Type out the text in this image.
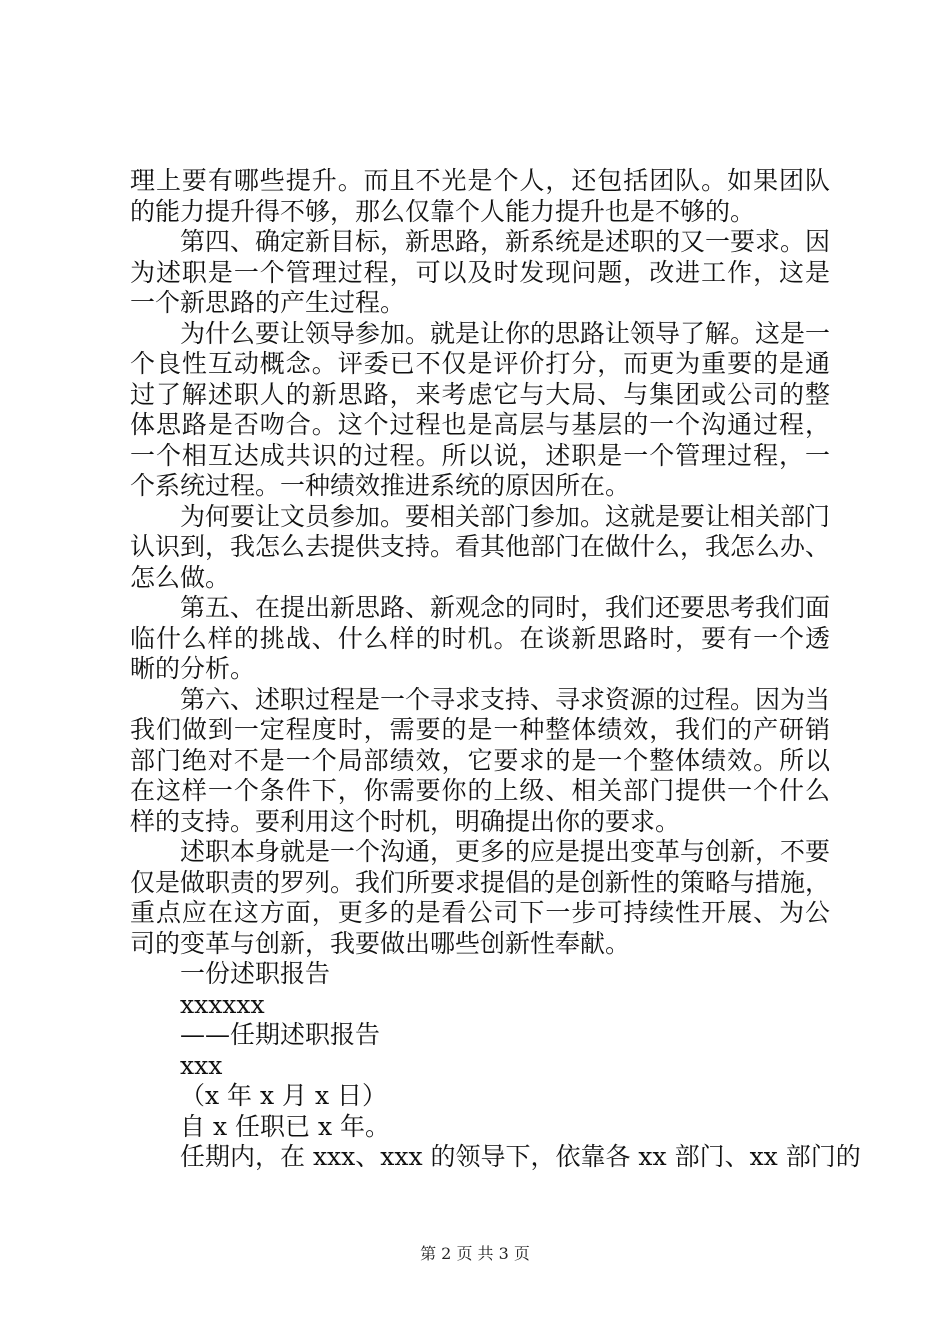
理上要有哪些提升。而且不光是个人，还包括团队。如果团队
的能力提升得不够，那么仅靠个人能力提升也是不够的。
第四、确定新目标，新思路，新系统是述职的又一要求。因
为述职是一个管理过程，可以及时发现问题，改进工作，这是
一个新思路的产生过程。
为什么要让领导参加。就是让你的思路让领导了解。这是一
个良性互动概念。评委已不仅是评价打分，而更为重要的是通
过了解述职人的新思路，来考虑它与大局、与集团或公司的整
体思路是否吻合。这个过程也是高层与基层的一个沟通过程，
一个相互达成共识的过程。所以说，述职是一个管理过程，一
个系统过程。一种绩效推进系统的原因所在。
为何要让文员参加。要相关部门参加。这就是要让相关部门
认识到，我怎么去提供支持。看其他部门在做什么，我怎么办、
怎么做。
第五、在提出新思路、新观念的同时，我们还要思考我们面
临什么样的挑战、什么样的时机。在谈新思路时，要有一个透
晰的分析。
第六、述职过程是一个寻求支持、寻求资源的过程。因为当
我们做到一定程度时，需要的是一种整体绩效，我们的产研销
部门绝对不是一个局部绩效，它要求的是一个整体绩效。所以
在这样一个条件下，你需要你的上级、相关部门提供一个什么
样的支持。要利用这个时机，明确提出你的要求。
述职本身就是一个沟通，更多的应是提出变革与创新，不要
仅是做职责的罗列。我们所要求提倡的是创新性的策略与措施，
重点应在这方面，更多的是看公司下一步可持续性开展、为公
司的变革与创新，我要做出哪些创新性奉献。
一份述职报告
xxxxxx
——任期述职报告
xxx
（x 年 x 月 x 日）
自 x 任职已 x 年。
任期内，在 xxx、xxx 的领导下，依靠各 xx 部门、xx 部门的
第 2 页 共 3 页
